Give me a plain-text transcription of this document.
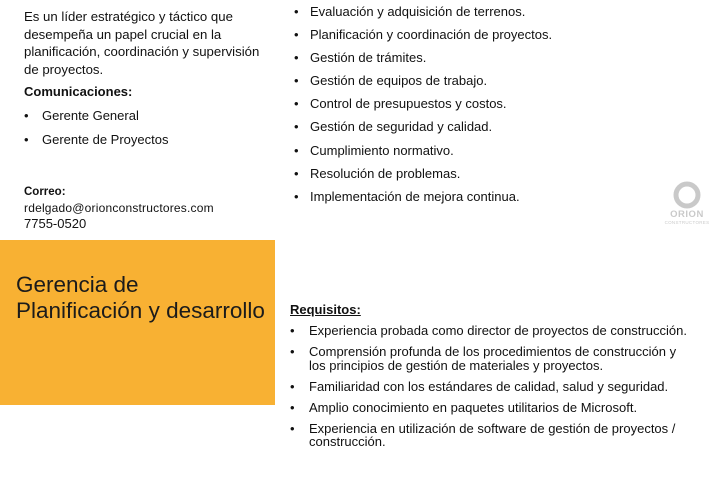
Es un líder estratégico y táctico que desempeña un papel crucial en la planificación, coordinación y supervisión de proyectos.

Comunicaciones:

• Gerente General
• Gerente de Proyectos
Correo:
rdelgado@orionconstructores.com
7755-0520
Gerencia de Planificación y desarrollo
• Evaluación y adquisición de terrenos.
• Planificación y coordinación de proyectos.
• Gestión de trámites.
• Gestión de equipos de trabajo.
• Control de presupuestos y costos.
• Gestión de seguridad y calidad.
• Cumplimiento normativo.
• Resolución de problemas.
• Implementación de mejora continua.

Requisitos:

• Experiencia probada como director de proyectos de construcción.
• Comprensión profunda de los procedimientos de construcción y los principios de gestión de materiales y proyectos.
• Familiaridad con los estándares de calidad, salud y seguridad.
• Amplio conocimiento en paquetes utilitarios de Microsoft.
• Experiencia en utilización de software de gestión de proyectos / construcción.
ORION
CONSTRUCTORES
